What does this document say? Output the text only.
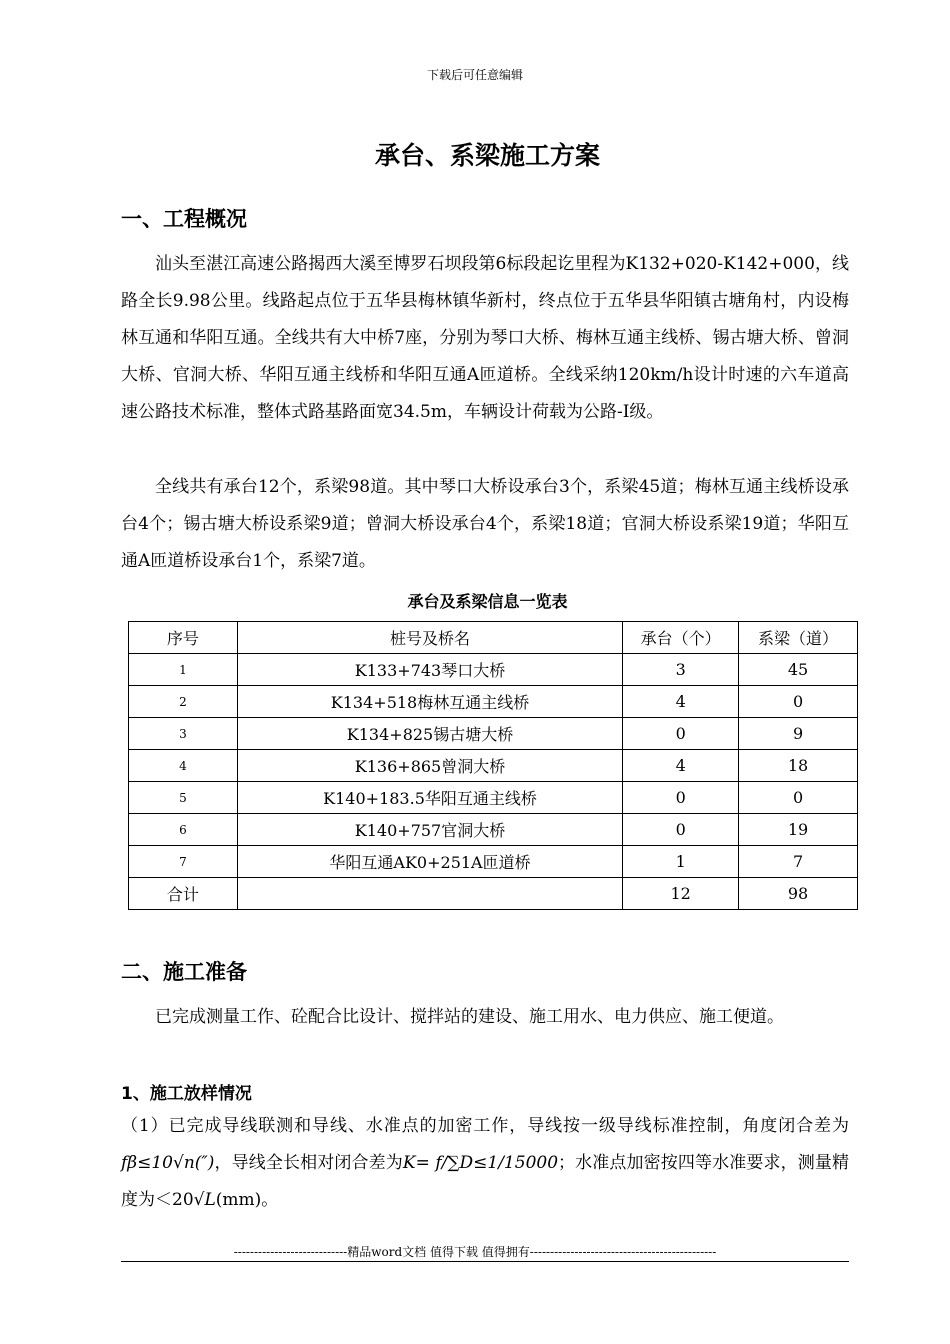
下载后可任意编辑
承台、系梁施工方案
一、工程概况

汕头至湛江高速公路揭西大溪至博罗石坝段第6标段起讫里程为K132+020-K142+000，线路全长9.98公里。线路起点位于五华县梅林镇华新村，终点位于五华县华阳镇古塘角村，内设梅林互通和华阳互通。全线共有大中桥7座，分别为琴口大桥、梅林互通主线桥、锡古塘大桥、曾洞大桥、官洞大桥、华阳互通主线桥和华阳互通A匝道桥。全线采纳120km/h设计时速的六车道高速公路技术标准，整体式路基路面宽34.5m，车辆设计荷载为公路-Ⅰ级。

全线共有承台12个，系梁98道。其中琴口大桥设承台3个，系梁45道；梅林互通主线桥设承台4个；锡古塘大桥设系梁9道；曾洞大桥设承台4个，系梁18道；官洞大桥设系梁19道；华阳互通A匝道桥设承台1个，系梁7道。

承台及系梁信息一览表
序号	桩号及桥名	承台（个）	系梁（道）
1	K133+743琴口大桥	3	45
2	K134+518梅林互通主线桥	4	0
3	K134+825锡古塘大桥	0	9
4	K136+865曾洞大桥	4	18
5	K140+183.5华阳互通主线桥	0	0
6	K140+757官洞大桥	0	19
7	华阳互通AK0+251A匝道桥	1	7
合计		12	98
二、施工准备

已完成测量工作、砼配合比设计、搅拌站的建设、施工用水、电力供应、施工便道。

1、施工放样情况

（1）已完成导线联测和导线、水准点的加密工作，导线按一级导线标准控制，角度闭合差为fβ≤10√n(″)，导线全长相对闭合差为K= f/∑D≤1/15000；水准点加密按四等水准要求，测量精度为＜20√L(mm)。

----------------------------精品word文档 值得下载 值得拥有----------------------------------------------
